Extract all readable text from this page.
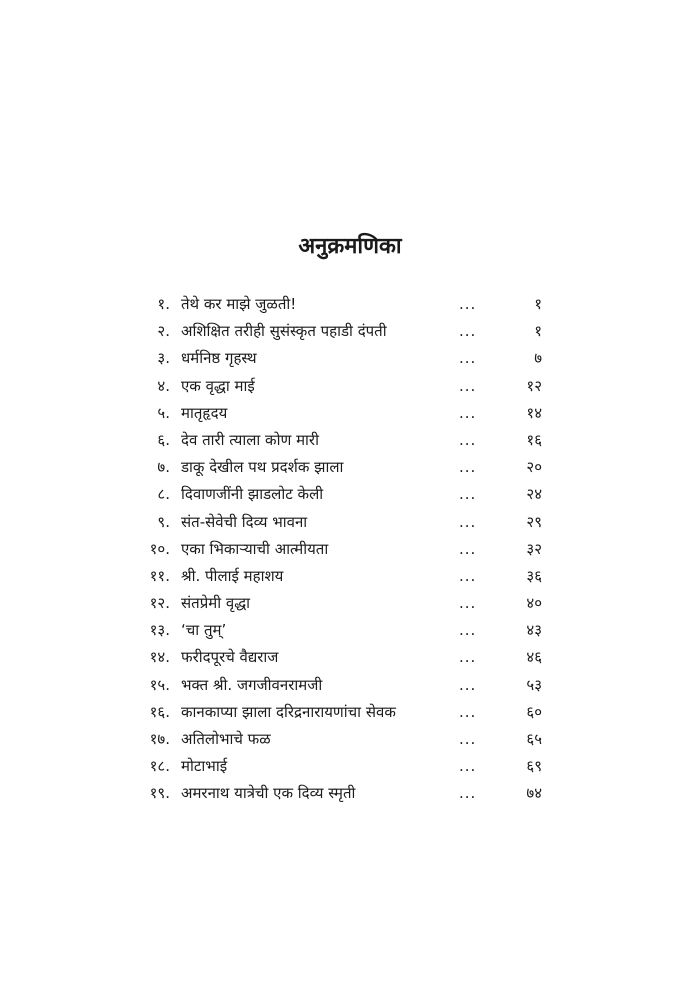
अनुक्रमणिका
१. तेथे कर माझे जुळती!	...	१
२. अशिक्षित तरीही सुसंस्कृत पहाडी दंपती	...	१
३. धर्मनिष्ठ गृहस्थ	...	७
४. एक वृद्धा माई	...	१२
५. मातृहृदय	...	१४
६. देव तारी त्याला कोण मारी	...	१६
७. डाकू देखील पथ प्रदर्शक झाला	...	२०
८. दिवाणजींनी झाडलोट केली	...	२४
९. संत-सेवेची दिव्य भावना	...	२९
१०. एका भिकाऱ्याची आत्मीयता	...	३२
११. श्री. पीलाई महाशय	...	३६
१२. संतप्रेमी वृद्धा	...	४०
१३. ‘चा तुम्’	...	४३
१४. फरीदपूरचे वैद्यराज	...	४६
१५. भक्त श्री. जगजीवनरामजी	...	५३
१६. कानकाप्या झाला दरिद्रनारायणांचा सेवक	...	६०
१७. अतिलोभाचे फळ	...	६५
१८. मोटाभाई	...	६९
१९. अमरनाथ यात्रेची एक दिव्य स्मृती	...	७४
